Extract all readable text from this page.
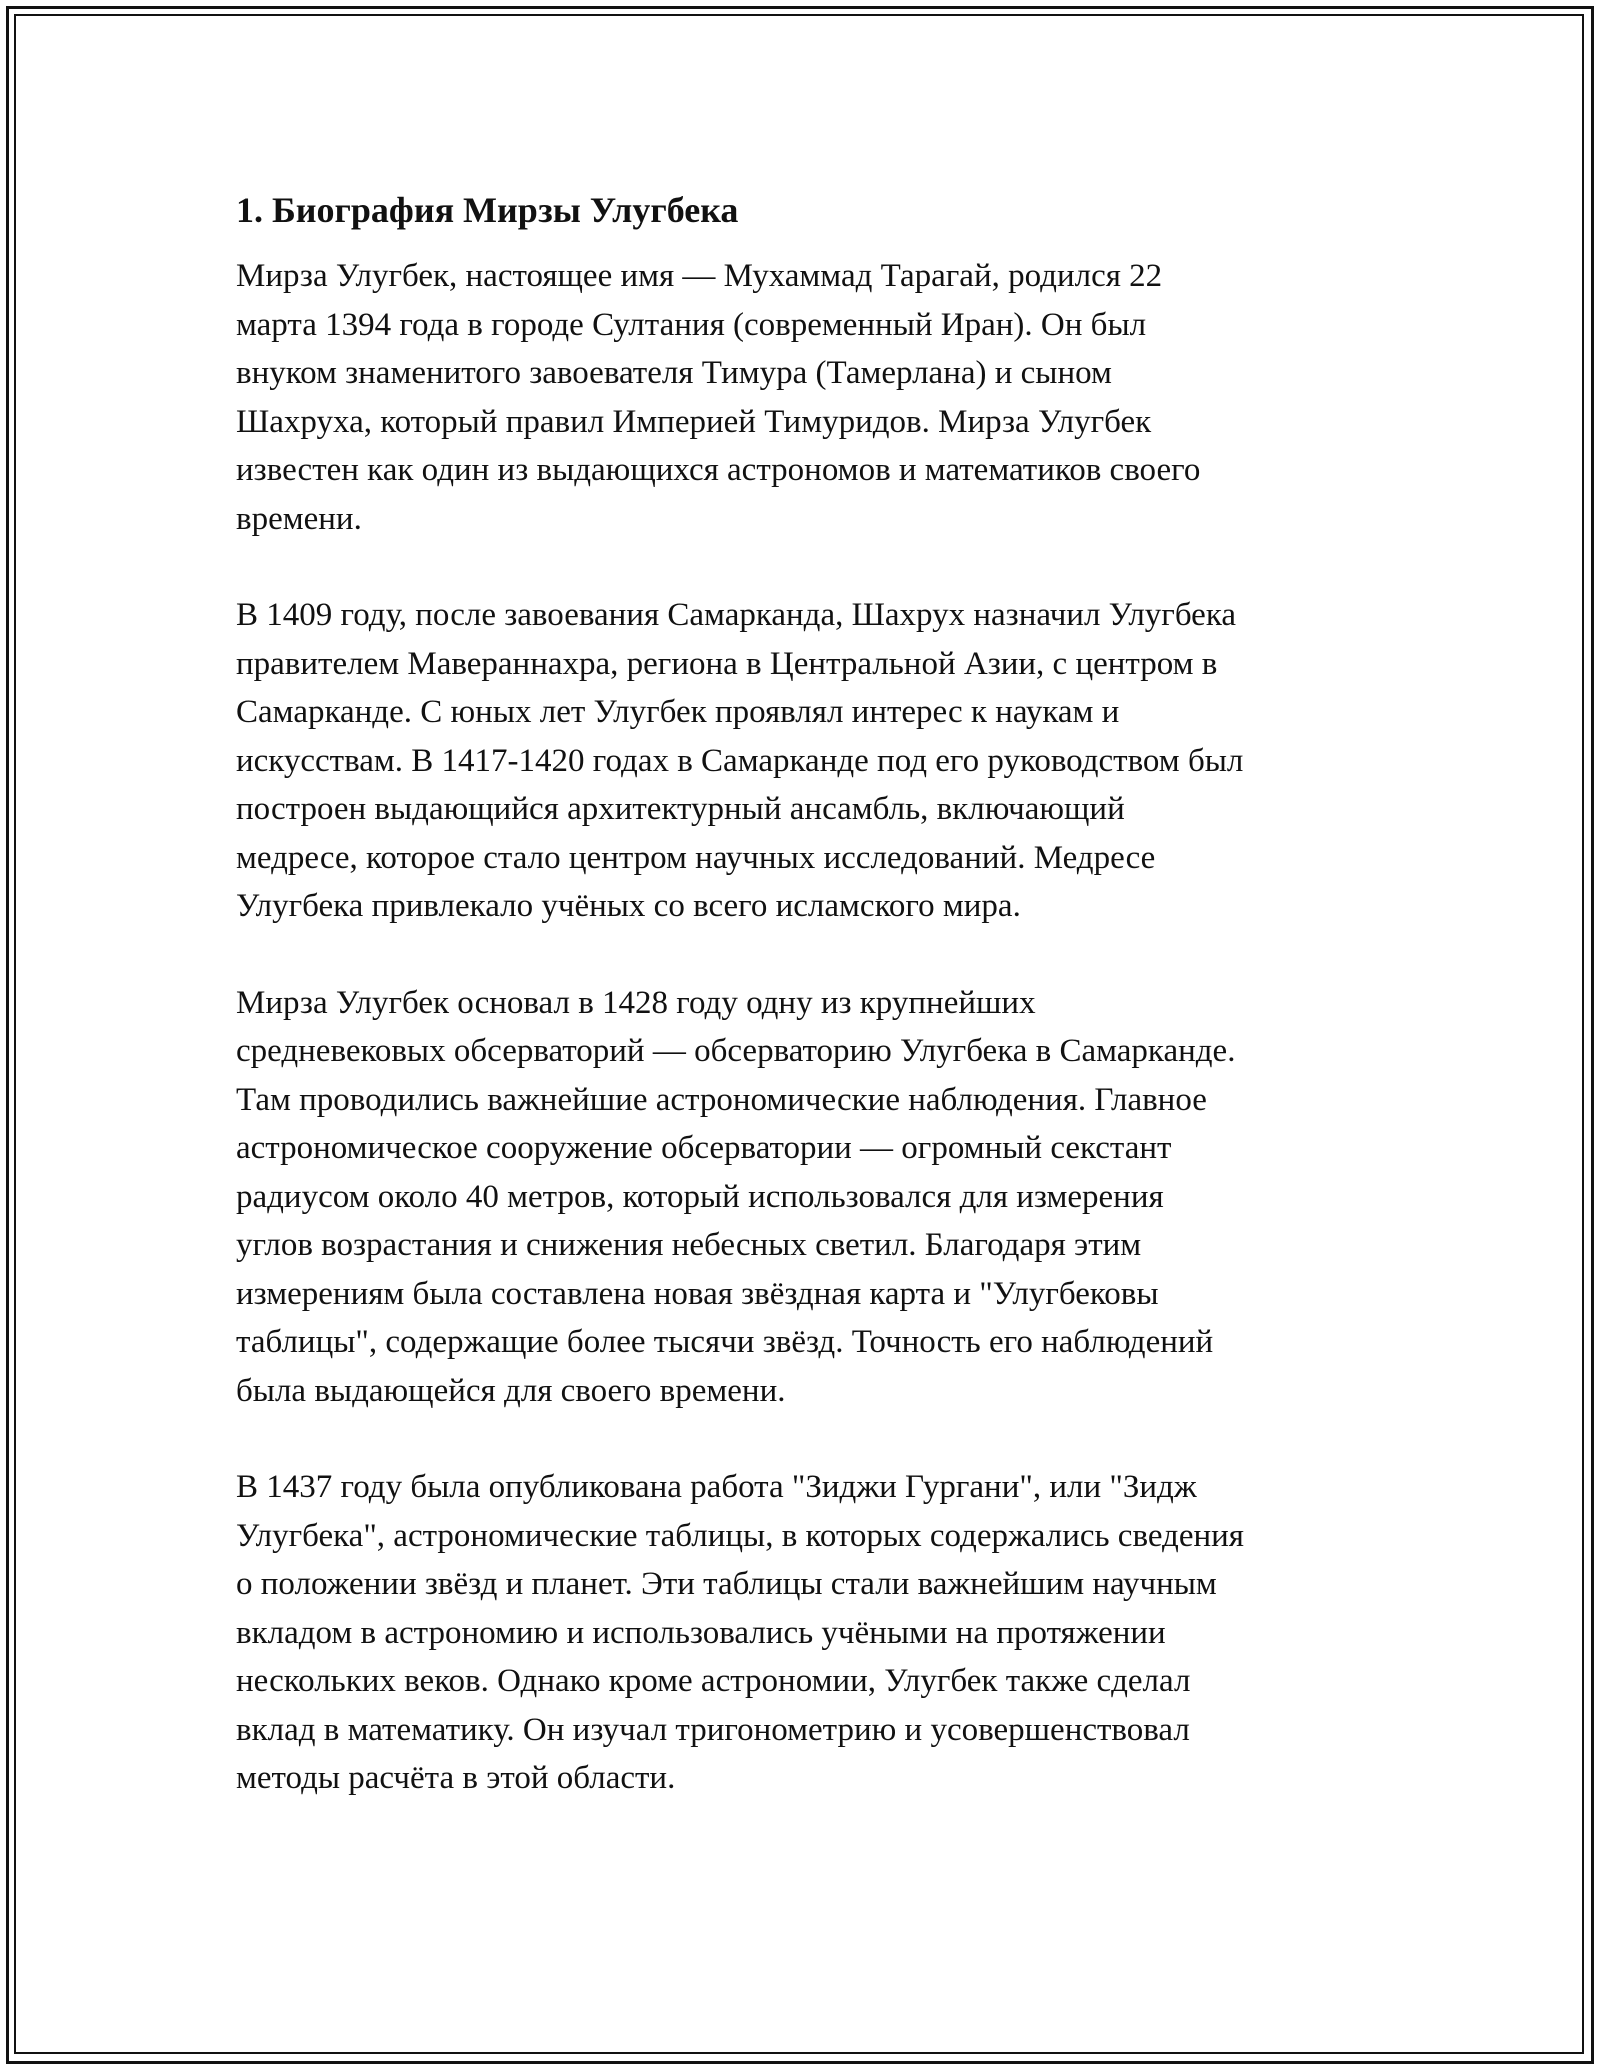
1. Биография Мирзы Улугбека
Мирза Улугбек, настоящее имя — Мухаммад Тарагай, родился 22
марта 1394 года в городе Султания (современный Иран). Он был
внуком знаменитого завоевателя Тимура (Тамерлана) и сыном
Шахруха, который правил Империей Тимуридов. Мирза Улугбек
известен как один из выдающихся астрономов и математиков своего
времени.
В 1409 году, после завоевания Самарканда, Шахрух назначил Улугбека
правителем Мавераннахра, региона в Центральной Азии, с центром в
Самарканде. С юных лет Улугбек проявлял интерес к наукам и
искусствам. В 1417-1420 годах в Самарканде под его руководством был
построен выдающийся архитектурный ансамбль, включающий
медресе, которое стало центром научных исследований. Медресе
Улугбека привлекало учёных со всего исламского мира.
Мирза Улугбек основал в 1428 году одну из крупнейших
средневековых обсерваторий — обсерваторию Улугбека в Самарканде.
Там проводились важнейшие астрономические наблюдения. Главное
астрономическое сооружение обсерватории — огромный секстант
радиусом около 40 метров, который использовался для измерения
углов возрастания и снижения небесных светил. Благодаря этим
измерениям была составлена новая звёздная карта и "Улугбековы
таблицы", содержащие более тысячи звёзд. Точность его наблюдений
была выдающейся для своего времени.
В 1437 году была опубликована работа "Зиджи Гургани", или "Зидж
Улугбека", астрономические таблицы, в которых содержались сведения
о положении звёзд и планет. Эти таблицы стали важнейшим научным
вкладом в астрономию и использовались учёными на протяжении
нескольких веков. Однако кроме астрономии, Улугбек также сделал
вклад в математику. Он изучал тригонометрию и усовершенствовал
методы расчёта в этой области.
